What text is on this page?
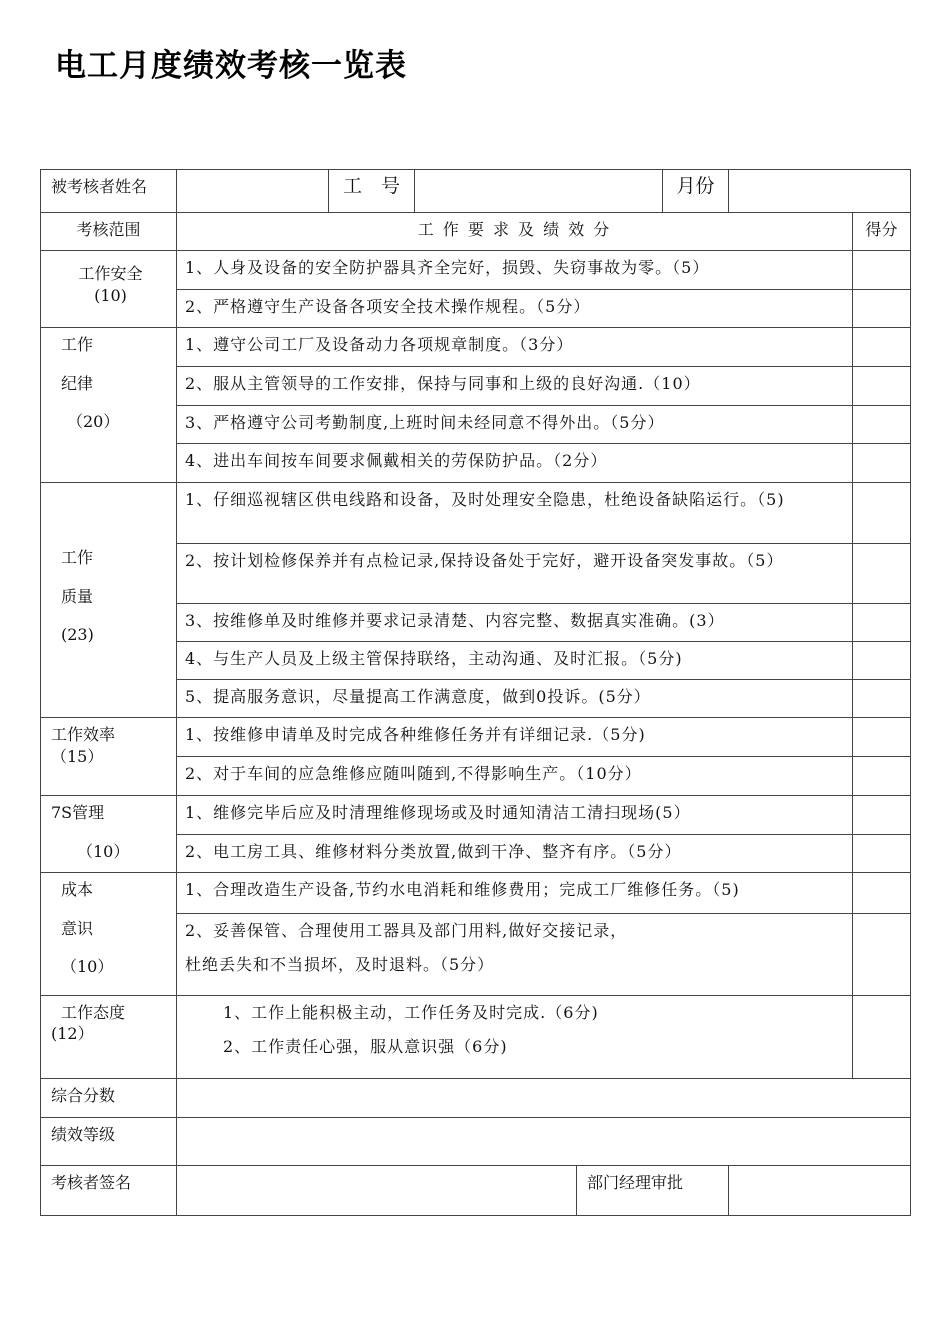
电工月度绩效考核一览表
被考核者姓名		工　号			月份		
考核范围	工 作 要 求 及 绩 效 分						得分

工作安全
(10)	1、人身及设备的安全防护器具齐全完好，损毁、失窃事故为零。（5）						
	2、严格遵守生产设备各项安全技术操作规程。（5分）						

工作
纪律
（20）	1、遵守公司工厂及设备动力各项规章制度。（3分）						
	2、服从主管领导的工作安排，保持与同事和上级的良好沟通.（10）						
	3、严格遵守公司考勤制度,上班时间未经同意不得外出。（5分）						
	4、进出车间按车间要求佩戴相关的劳保防护品。（2分）						

工作
质量
(23)	1、仔细巡视辖区供电线路和设备，及时处理安全隐患，杜绝设备缺陷运行。（5)						
	2、按计划检修保养并有点检记录,保持设备处于完好，避开设备突发事故。（5）						
	3、按维修单及时维修并要求记录清楚、内容完整、数据真实准确。(3）						
	4、与生产人员及上级主管保持联络，主动沟通、及时汇报。（5分)						
	5、提高服务意识，尽量提高工作满意度，做到0投诉。(5分）						

工作效率
（15）	1、按维修申请单及时完成各种维修任务并有详细记录.（5分)						
	2、对于车间的应急维修应随叫随到,不得影响生产。（10分）						

7S管理
（10）	1、维修完毕后应及时清理维修现场或及时通知清洁工清扫现场(5）						
	2、电工房工具、维修材料分类放置,做到干净、整齐有序。（5分）						

成本
意识
（10）	1、合理改造生产设备,节约水电消耗和维修费用；完成工厂维修任务。（5)						

	2、妥善保管、合理使用工器具及部门用料,做好交接记录，
杜绝丢失和不当损坏，及时退料。（5分）						

工作态度
(12）	1、工作上能积极主动，工作任务及时完成.（6分)
2、工作责任心强，服从意识强（6分)						

综合分数							
绩效等级							
考核者签名				部门经理审批			
